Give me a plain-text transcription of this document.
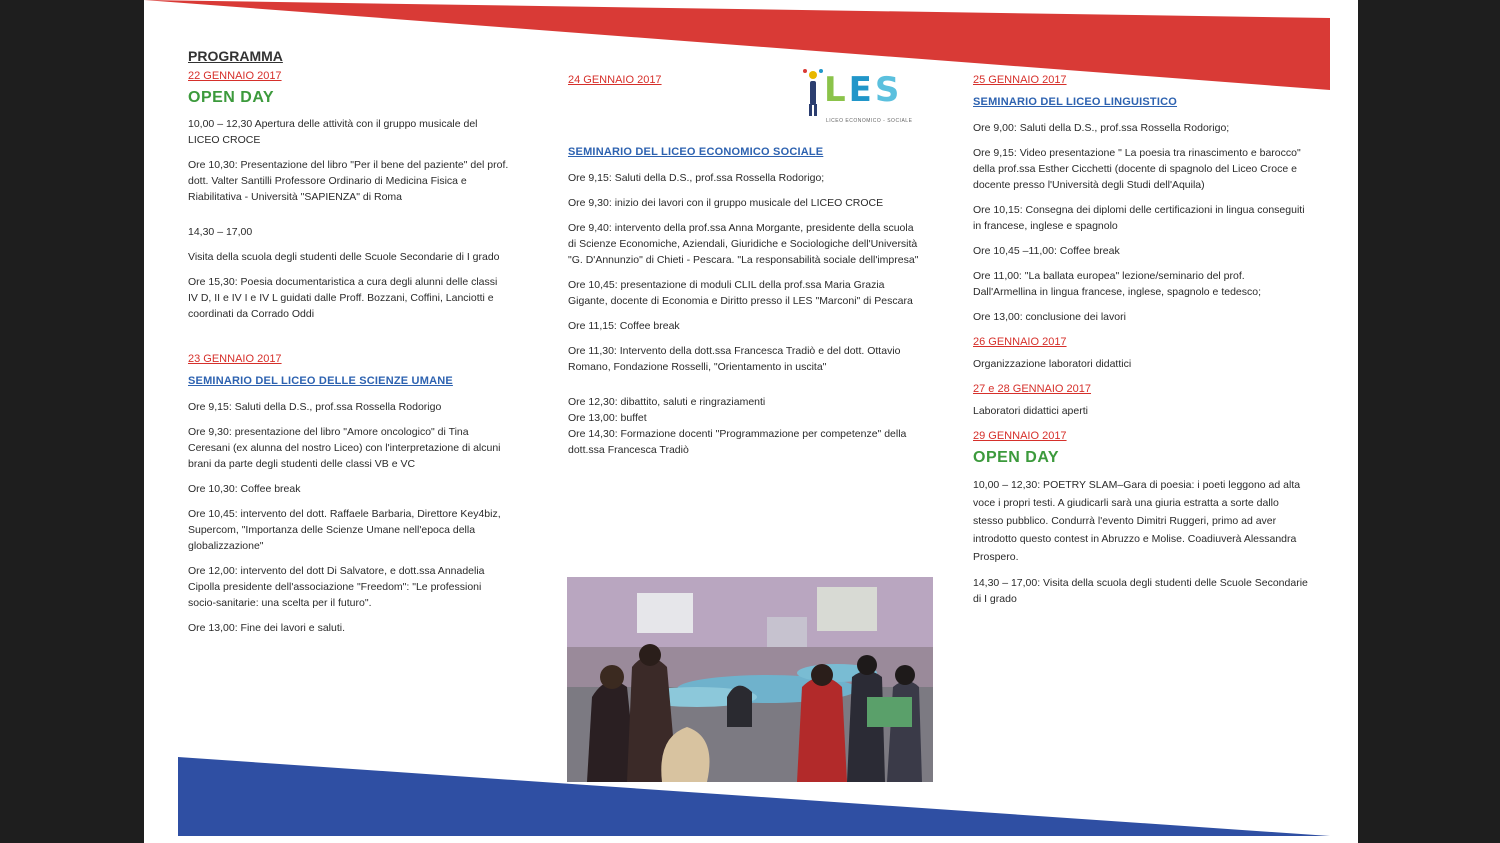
PROGRAMMA
22 GENNAIO 2017
OPEN DAY

10,00 – 12,30 Apertura delle attività con il gruppo musicale del LICEO CROCE

Ore 10,30: Presentazione del libro "Per il bene del paziente" del prof. dott. Valter Santilli Professore Ordinario di Medicina Fisica e Riabilitativa - Università "SAPIENZA" di Roma

14,30 – 17,00

Visita della scuola degli studenti delle Scuole Secondarie di I grado

Ore 15,30: Poesia documentaristica a cura degli alunni delle classi IV D, II e IV I e IV L guidati dalle Proff. Bozzani, Coffini, Lanciotti e coordinati da Corrado Oddi

23 GENNAIO 2017
SEMINARIO DEL LICEO DELLE SCIENZE UMANE

Ore 9,15: Saluti della D.S., prof.ssa Rossella Rodorigo

Ore 9,30: presentazione del libro "Amore oncologico" di Tina Ceresani (ex alunna del nostro Liceo) con l'interpretazione di alcuni brani da parte degli studenti delle classi VB e VC

Ore 10,30: Coffee break

Ore 10,45: intervento del dott. Raffaele Barbaria, Direttore Key4biz, Supercom, "Importanza delle Scienze Umane nell'epoca della globalizzazione"

Ore 12,00: intervento del dott Di Salvatore, e dott.ssa Annadelia Cipolla presidente dell'associazione "Freedom": "Le professioni socio-sanitarie: una scelta per il futuro".

Ore 13,00: Fine dei lavori e saluti.

24 GENNAIO 2017
SEMINARIO DEL LICEO ECONOMICO SOCIALE

Ore 9,15: Saluti della D.S., prof.ssa Rossella Rodorigo;

Ore 9,30: inizio dei lavori con il gruppo musicale del LICEO CROCE

Ore 9,40: intervento della prof.ssa Anna Morgante, presidente della scuola di Scienze Economiche, Aziendali, Giuridiche e Sociologiche dell'Università "G. D'Annunzio" di Chieti - Pescara. "La responsabilità sociale dell'impresa"

Ore 10,45: presentazione di moduli CLIL della prof.ssa Maria Grazia Gigante, docente di Economia e Diritto presso il LES "Marconi" di Pescara

Ore 11,15: Coffee break

Ore 11,30: Intervento della dott.ssa Francesca Tradiò e del dott. Ottavio Romano, Fondazione Rosselli, "Orientamento in uscita"

Ore 12,30: dibattito, saluti e ringraziamenti

Ore 13,00: buffet

Ore 14,30: Formazione docenti "Programmazione per competenze" della dott.ssa Francesca Tradiò

LES
LICEO ECONOMICO - SOCIALE
25 GENNAIO 2017
SEMINARIO DEL LICEO LINGUISTICO

Ore 9,00: Saluti della D.S., prof.ssa Rossella Rodorigo;

Ore 9,15: Video presentazione " La poesia tra rinascimento e barocco" della prof.ssa Esther Cicchetti (docente di spagnolo del Liceo Croce e docente presso l'Università degli Studi dell'Aquila)

Ore 10,15: Consegna dei diplomi delle certificazioni in lingua conseguiti in francese, inglese e spagnolo

Ore 10,45 –11,00: Coffee break

Ore 11,00: "La ballata europea" lezione/seminario del prof. Dall'Armellina in lingua francese, inglese, spagnolo e tedesco;

Ore 13,00: conclusione dei lavori

26 GENNAIO 2017

Organizzazione laboratori didattici

27 e 28 GENNAIO 2017

Laboratori didattici aperti

29 GENNAIO 2017
OPEN DAY

10,00 – 12,30: POETRY SLAM–Gara di poesia: i poeti leggono ad alta voce i propri testi. A giudicarli sarà una giuria estratta a sorte dallo stesso pubblico. Condurrà l'evento Dimitri Ruggeri, primo ad aver introdotto questo contest in Abruzzo e Molise. Coadiuverà Alessandra Prospero.

14,30 – 17,00: Visita della scuola degli studenti delle Scuole Secondarie di I grado
